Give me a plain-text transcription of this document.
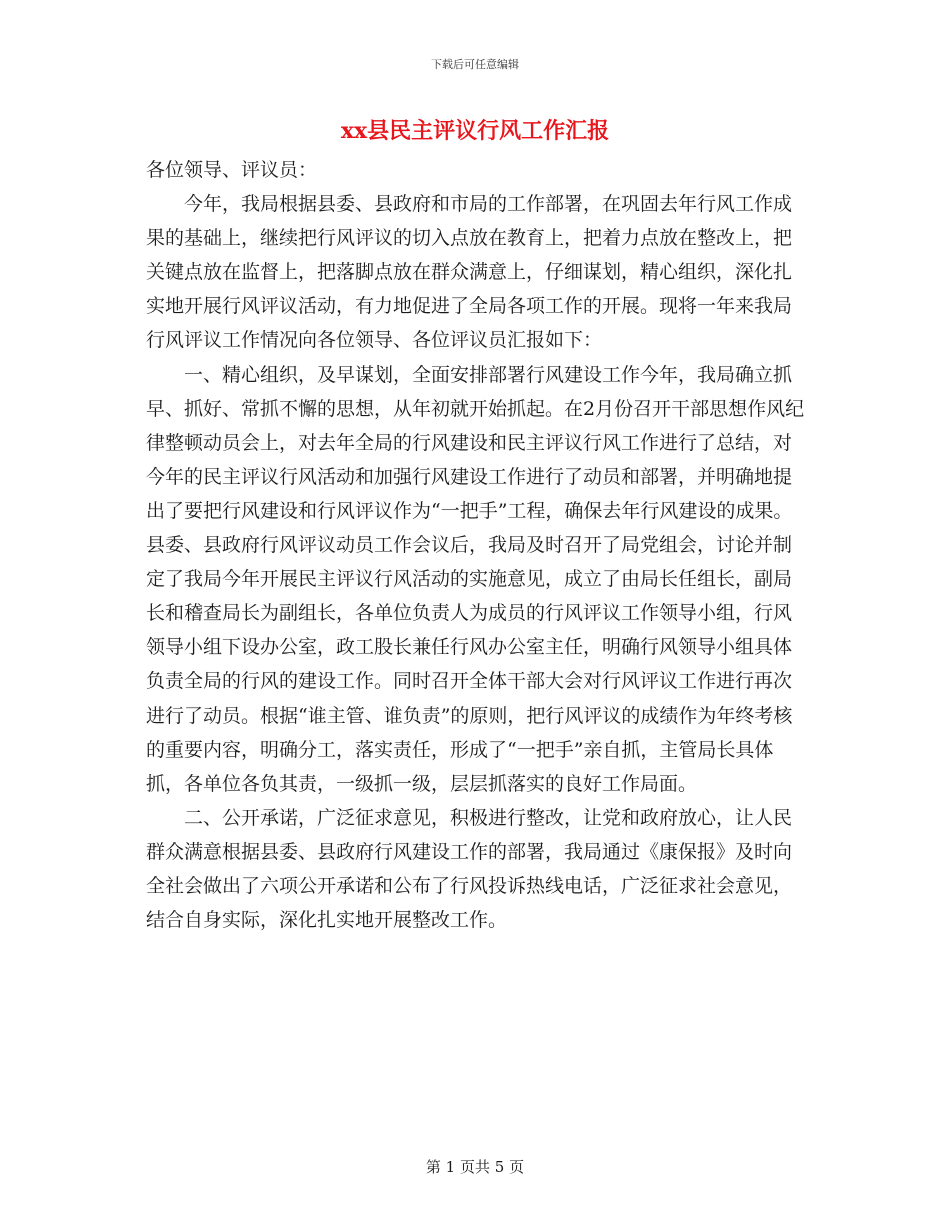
下载后可任意编辑
xx县民主评议行风工作汇报

各位领导、评议员：

今年，我局根据县委、县政府和市局的工作部署，在巩固去年行风工作成果的基础上，继续把行风评议的切入点放在教育上，把着力点放在整改上，把关键点放在监督上，把落脚点放在群众满意上，仔细谋划，精心组织，深化扎实地开展行风评议活动，有力地促进了全局各项工作的开展。现将一年来我局行风评议工作情况向各位领导、各位评议员汇报如下：

一、精心组织，及早谋划，全面安排部署行风建设工作今年，我局确立抓早、抓好、常抓不懈的思想，从年初就开始抓起。在2月份召开干部思想作风纪律整顿动员会上，对去年全局的行风建设和民主评议行风工作进行了总结，对今年的民主评议行风活动和加强行风建设工作进行了动员和部署，并明确地提出了要把行风建设和行风评议作为“一把手”工程，确保去年行风建设的成果。县委、县政府行风评议动员工作会议后，我局及时召开了局党组会，讨论并制定了我局今年开展民主评议行风活动的实施意见，成立了由局长任组长，副局长和稽查局长为副组长，各单位负责人为成员的行风评议工作领导小组，行风领导小组下设办公室，政工股长兼任行风办公室主任，明确行风领导小组具体负责全局的行风的建设工作。同时召开全体干部大会对行风评议工作进行再次进行了动员。根据“谁主管、谁负责”的原则，把行风评议的成绩作为年终考核的重要内容，明确分工，落实责任，形成了“一把手”亲自抓，主管局长具体抓，各单位各负其责，一级抓一级，层层抓落实的良好工作局面。

二、公开承诺，广泛征求意见，积极进行整改，让党和政府放心，让人民群众满意根据县委、县政府行风建设工作的部署，我局通过《康保报》及时向全社会做出了六项公开承诺和公布了行风投诉热线电话，广泛征求社会意见，结合自身实际，深化扎实地开展整改工作。

第 1 页共 5 页
